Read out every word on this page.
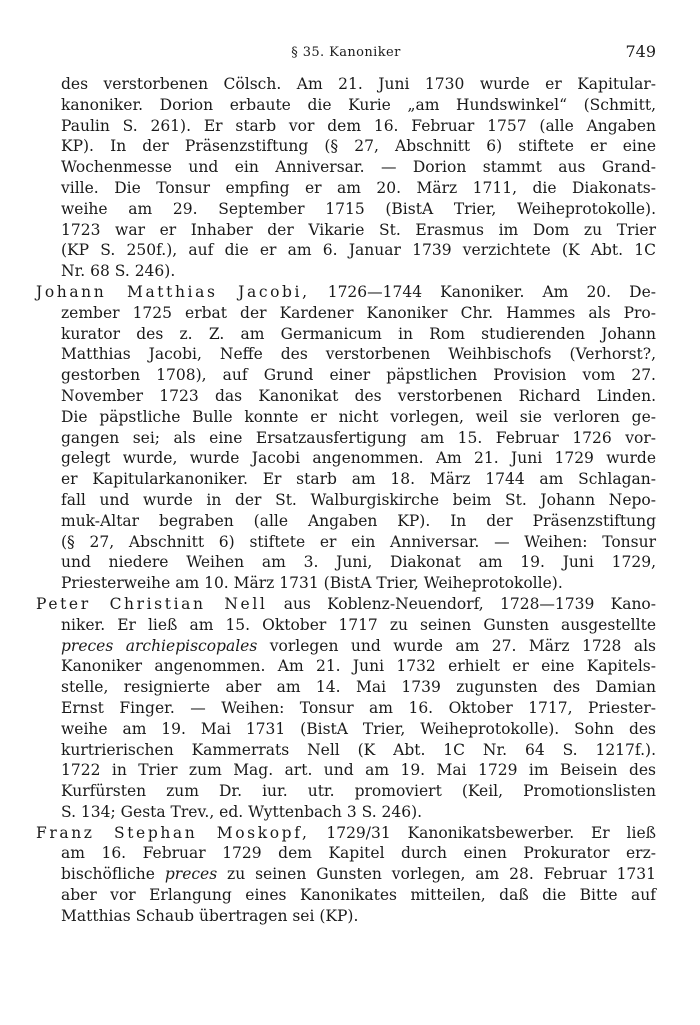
§ 35. Kanoniker	749

des verstorbenen Cölsch. Am 21. Juni 1730 wurde er Kapitular-
kanoniker. Dorion erbaute die Kurie „am Hundswinkel“ (Schmitt,
Paulin S. 261). Er starb vor dem 16. Februar 1757 (alle Angaben
KP). In der Präsenzstiftung (§ 27, Abschnitt 6) stiftete er eine
Wochenmesse und ein Anniversar. — Dorion stammt aus Grand-
ville. Die Tonsur empfing er am 20. März 1711, die Diakonats-
weihe am 29. September 1715 (BistA Trier, Weiheprotokolle).
1723 war er Inhaber der Vikarie St. Erasmus im Dom zu Trier
(KP S. 250f.), auf die er am 6. Januar 1739 verzichtete (K Abt. 1C
Nr. 68 S. 246).

Johann Matthias Jacobi, 1726—1744 Kanoniker. Am 20. De-
zember 1725 erbat der Kardener Kanoniker Chr. Hammes als Pro-
kurator des z. Z. am Germanicum in Rom studierenden Johann
Matthias Jacobi, Neffe des verstorbenen Weihbischofs (Verhorst?,
gestorben 1708), auf Grund einer päpstlichen Provision vom 27.
November 1723 das Kanonikat des verstorbenen Richard Linden.
Die päpstliche Bulle konnte er nicht vorlegen, weil sie verloren ge-
gangen sei; als eine Ersatzausfertigung am 15. Februar 1726 vor-
gelegt wurde, wurde Jacobi angenommen. Am 21. Juni 1729 wurde
er Kapitularkanoniker. Er starb am 18. März 1744 am Schlagan-
fall und wurde in der St. Walburgiskirche beim St. Johann Nepo-
muk-Altar begraben (alle Angaben KP). In der Präsenzstiftung
(§ 27, Abschnitt 6) stiftete er ein Anniversar. — Weihen: Tonsur
und niedere Weihen am 3. Juni, Diakonat am 19. Juni 1729,
Priesterweihe am 10. März 1731 (BistA Trier, Weiheprotokolle).

Peter Christian Nell aus Koblenz-Neuendorf, 1728—1739 Kano-
niker. Er ließ am 15. Oktober 1717 zu seinen Gunsten ausgestellte
preces archiepiscopales vorlegen und wurde am 27. März 1728 als
Kanoniker angenommen. Am 21. Juni 1732 erhielt er eine Kapitels-
stelle, resignierte aber am 14. Mai 1739 zugunsten des Damian
Ernst Finger. — Weihen: Tonsur am 16. Oktober 1717, Priester-
weihe am 19. Mai 1731 (BistA Trier, Weiheprotokolle). Sohn des
kurtrierischen Kammerrats Nell (K Abt. 1C Nr. 64 S. 1217f.).
1722 in Trier zum Mag. art. und am 19. Mai 1729 im Beisein des
Kurfürsten zum Dr. iur. utr. promoviert (Keil, Promotionslisten
S. 134; Gesta Trev., ed. Wyttenbach 3 S. 246).

Franz Stephan Moskopf, 1729/31 Kanonikatsbewerber. Er ließ
am 16. Februar 1729 dem Kapitel durch einen Prokurator erz-
bischöfliche preces zu seinen Gunsten vorlegen, am 28. Februar 1731
aber vor Erlangung eines Kanonikates mitteilen, daß die Bitte auf
Matthias Schaub übertragen sei (KP).
